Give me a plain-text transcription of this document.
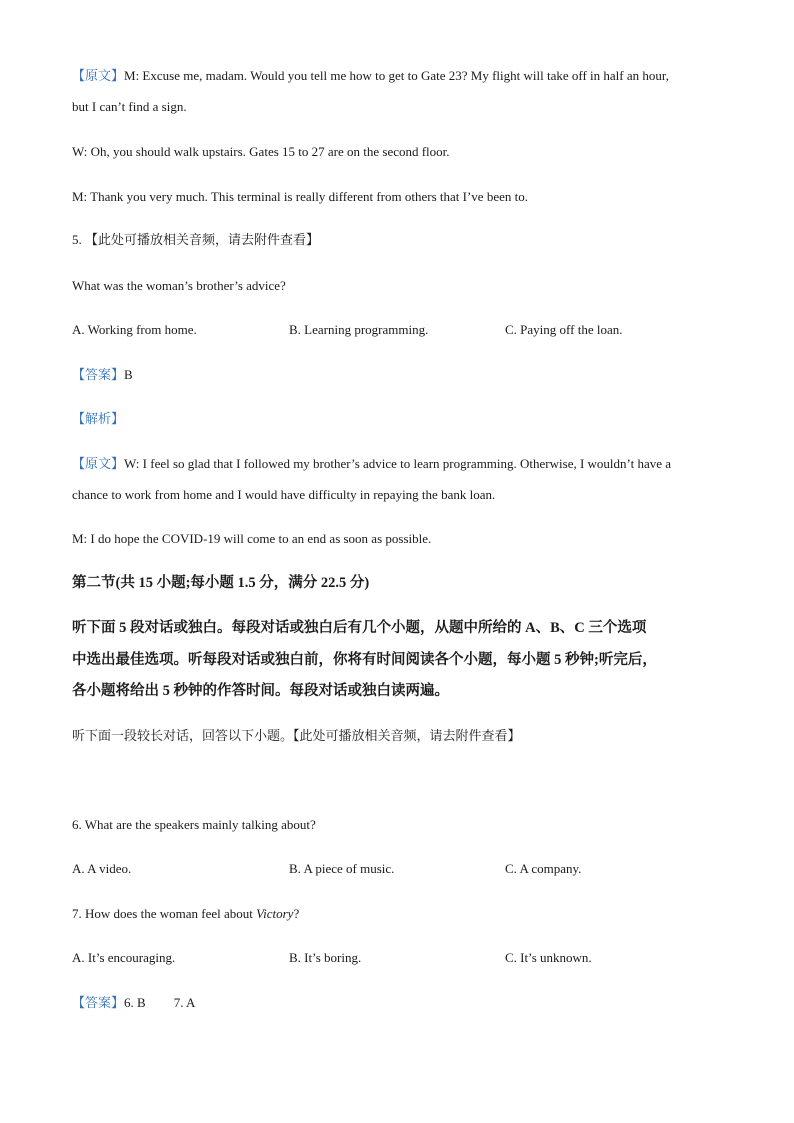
【原文】M: Excuse me, madam. Would you tell me how to get to Gate 23? My flight will take off in half an hour,
but I can’t find a sign.
W: Oh, you should walk upstairs. Gates 15 to 27 are on the second floor.
M: Thank you very much. This terminal is really different from others that I’ve been to.
5. 【此处可播放相关音频，请去附件查看】
What was the woman’s brother’s advice?
A. Working from home.	B. Learning programming.	C. Paying off the loan.
【答案】B
【解析】
【原文】W: I feel so glad that I followed my brother’s advice to learn programming. Otherwise, I wouldn’t have a
chance to work from home and I would have difficulty in repaying the bank loan.
M: I do hope the COVID-19 will come to an end as soon as possible.
第二节(共 15 小题;每小题 1.5 分，满分 22.5 分)
听下面 5 段对话或独白。每段对话或独白后有几个小题，从题中所给的 A、B、C 三个选项
中选出最佳选项。听每段对话或独白前，你将有时间阅读各个小题，每小题 5 秒钟;听完后，
各小题将给出 5 秒钟的作答时间。每段对话或独白读两遍。
听下面一段较长对话，回答以下小题。【此处可播放相关音频，请去附件查看】
6. What are the speakers mainly talking about?
A. A video.	B. A piece of music.	C. A company.
7. How does the woman feel about Victory?
A. It’s encouraging.	B. It’s boring.	C. It’s unknown.
【答案】6. B 7. A
